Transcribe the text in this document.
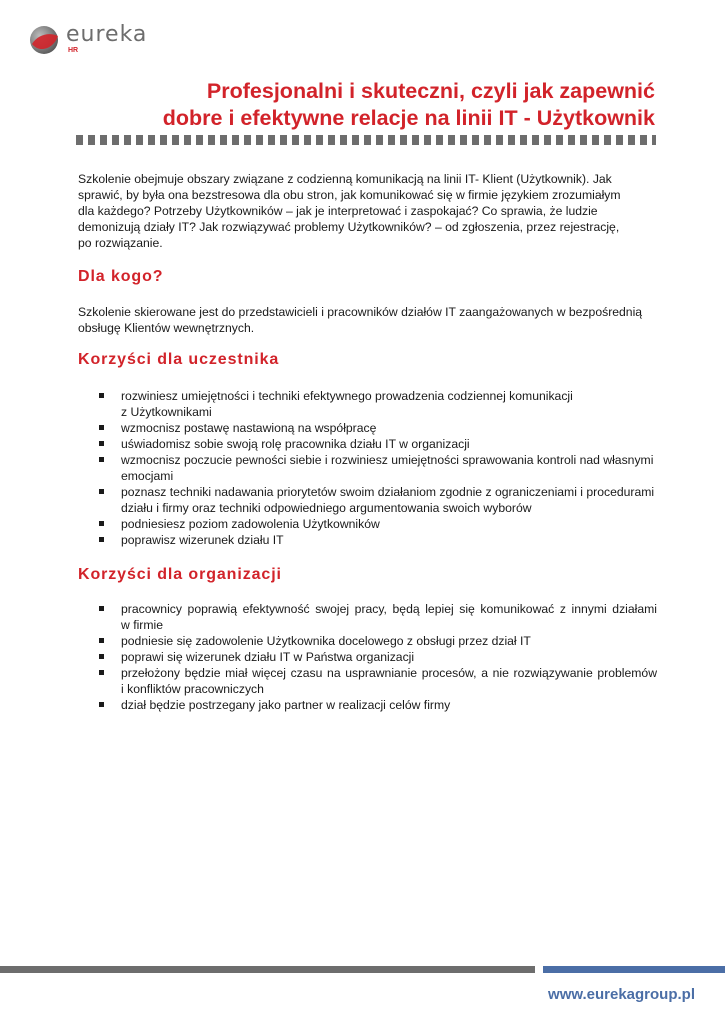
eureka
HR
Profesjonalni i skuteczni, czyli jak zapewnić
dobre i efektywne relacje na linii IT - Użytkownik
Szkolenie obejmuje obszary związane z codzienną komunikacją na linii IT- Klient (Użytkownik). Jak
sprawić, by była ona bezstresowa dla obu stron, jak komunikować się w firmie językiem zrozumiałym
dla każdego? Potrzeby Użytkowników – jak je interpretować i zaspokajać? Co sprawia, że ludzie
demonizują działy IT? Jak rozwiązywać problemy Użytkowników? – od zgłoszenia, przez rejestrację,
po rozwiązanie.
Dla kogo?
Szkolenie skierowane jest do przedstawicieli i pracowników działów IT zaangażowanych w bezpośrednią
obsługę Klientów wewnętrznych.
Korzyści dla uczestnika
rozwiniesz umiejętności i techniki efektywnego prowadzenia codziennej komunikacji
z Użytkownikami
wzmocnisz postawę nastawioną na współpracę
uświadomisz sobie swoją rolę pracownika działu IT w organizacji
wzmocnisz poczucie pewności siebie i rozwiniesz umiejętności sprawowania kontroli nad własnymi
emocjami
poznasz techniki nadawania priorytetów swoim działaniom zgodnie z ograniczeniami i procedurami
działu i firmy oraz techniki odpowiedniego argumentowania swoich wyborów
podniesiesz poziom zadowolenia Użytkowników
poprawisz wizerunek działu IT
Korzyści dla organizacji
pracownicy poprawią efektywność swojej pracy, będą lepiej się komunikować z innymi działami
w firmie
podniesie się zadowolenie Użytkownika docelowego z obsługi przez dział IT
poprawi się wizerunek działu IT w Państwa organizacji
przełożony będzie miał więcej czasu na usprawnianie procesów, a nie rozwiązywanie problemów
i konfliktów pracowniczych
dział będzie postrzegany jako partner w realizacji celów firmy
www.eurekagroup.pl
